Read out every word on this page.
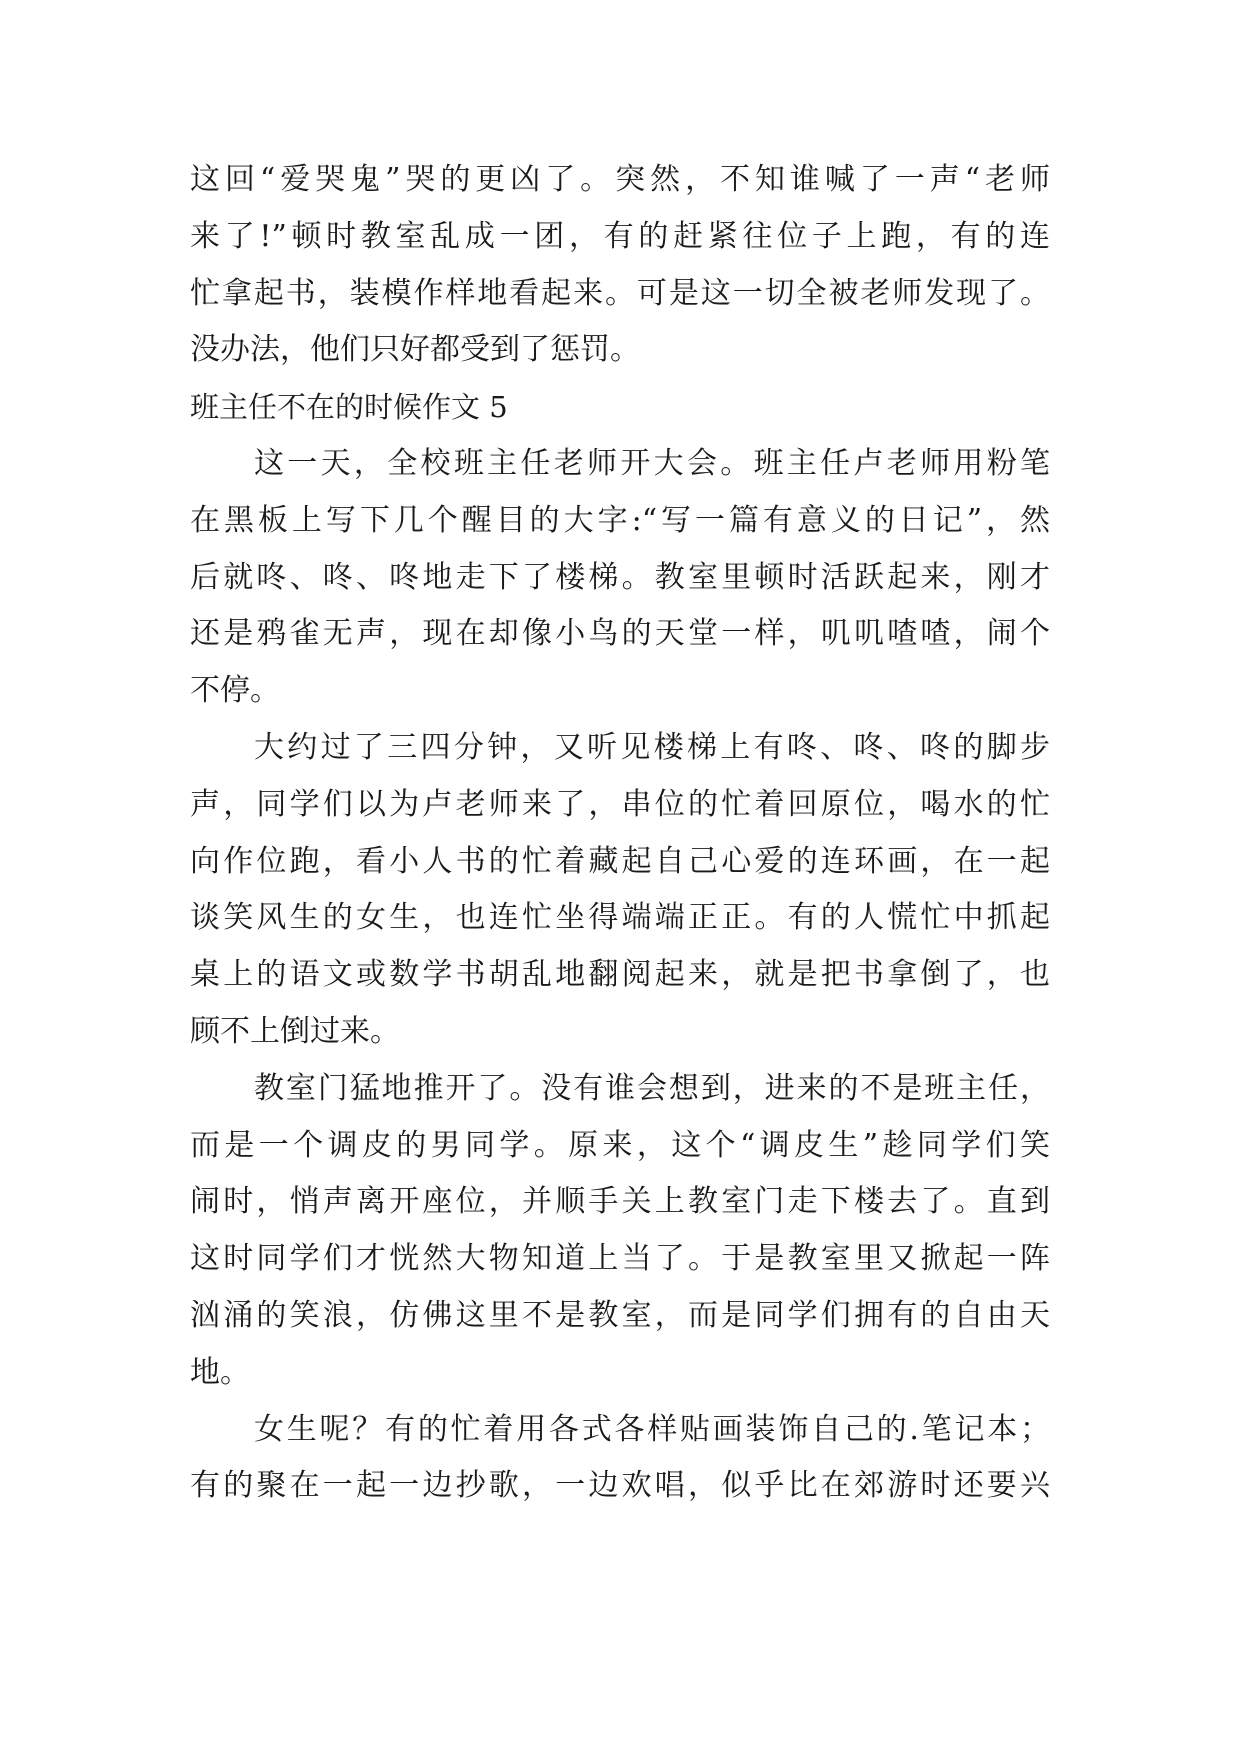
这回“爱哭鬼”哭的更凶了。突然，不知谁喊了一声“老师
来了!”顿时教室乱成一团，有的赶紧往位子上跑，有的连
忙拿起书，装模作样地看起来。可是这一切全被老师发现了。
没办法，他们只好都受到了惩罚。
班主任不在的时候作文 5
这一天，全校班主任老师开大会。班主任卢老师用粉笔
在黑板上写下几个醒目的大字:“写一篇有意义的日记”，然
后就咚、咚、咚地走下了楼梯。教室里顿时活跃起来，刚才
还是鸦雀无声，现在却像小鸟的天堂一样，叽叽喳喳，闹个
不停。
大约过了三四分钟，又听见楼梯上有咚、咚、咚的脚步
声，同学们以为卢老师来了，串位的忙着回原位，喝水的忙
向作位跑，看小人书的忙着藏起自己心爱的连环画，在一起
谈笑风生的女生，也连忙坐得端端正正。有的人慌忙中抓起
桌上的语文或数学书胡乱地翻阅起来，就是把书拿倒了，也
顾不上倒过来。
教室门猛地推开了。没有谁会想到，进来的不是班主任，
而是一个调皮的男同学。原来，这个“调皮生”趁同学们笑
闹时，悄声离开座位，并顺手关上教室门走下楼去了。直到
这时同学们才恍然大物知道上当了。于是教室里又掀起一阵
汹涌的笑浪，仿佛这里不是教室，而是同学们拥有的自由天
地。
女生呢？有的忙着用各式各样贴画装饰自己的.笔记本；
有的聚在一起一边抄歌，一边欢唱，似乎比在郊游时还要兴
